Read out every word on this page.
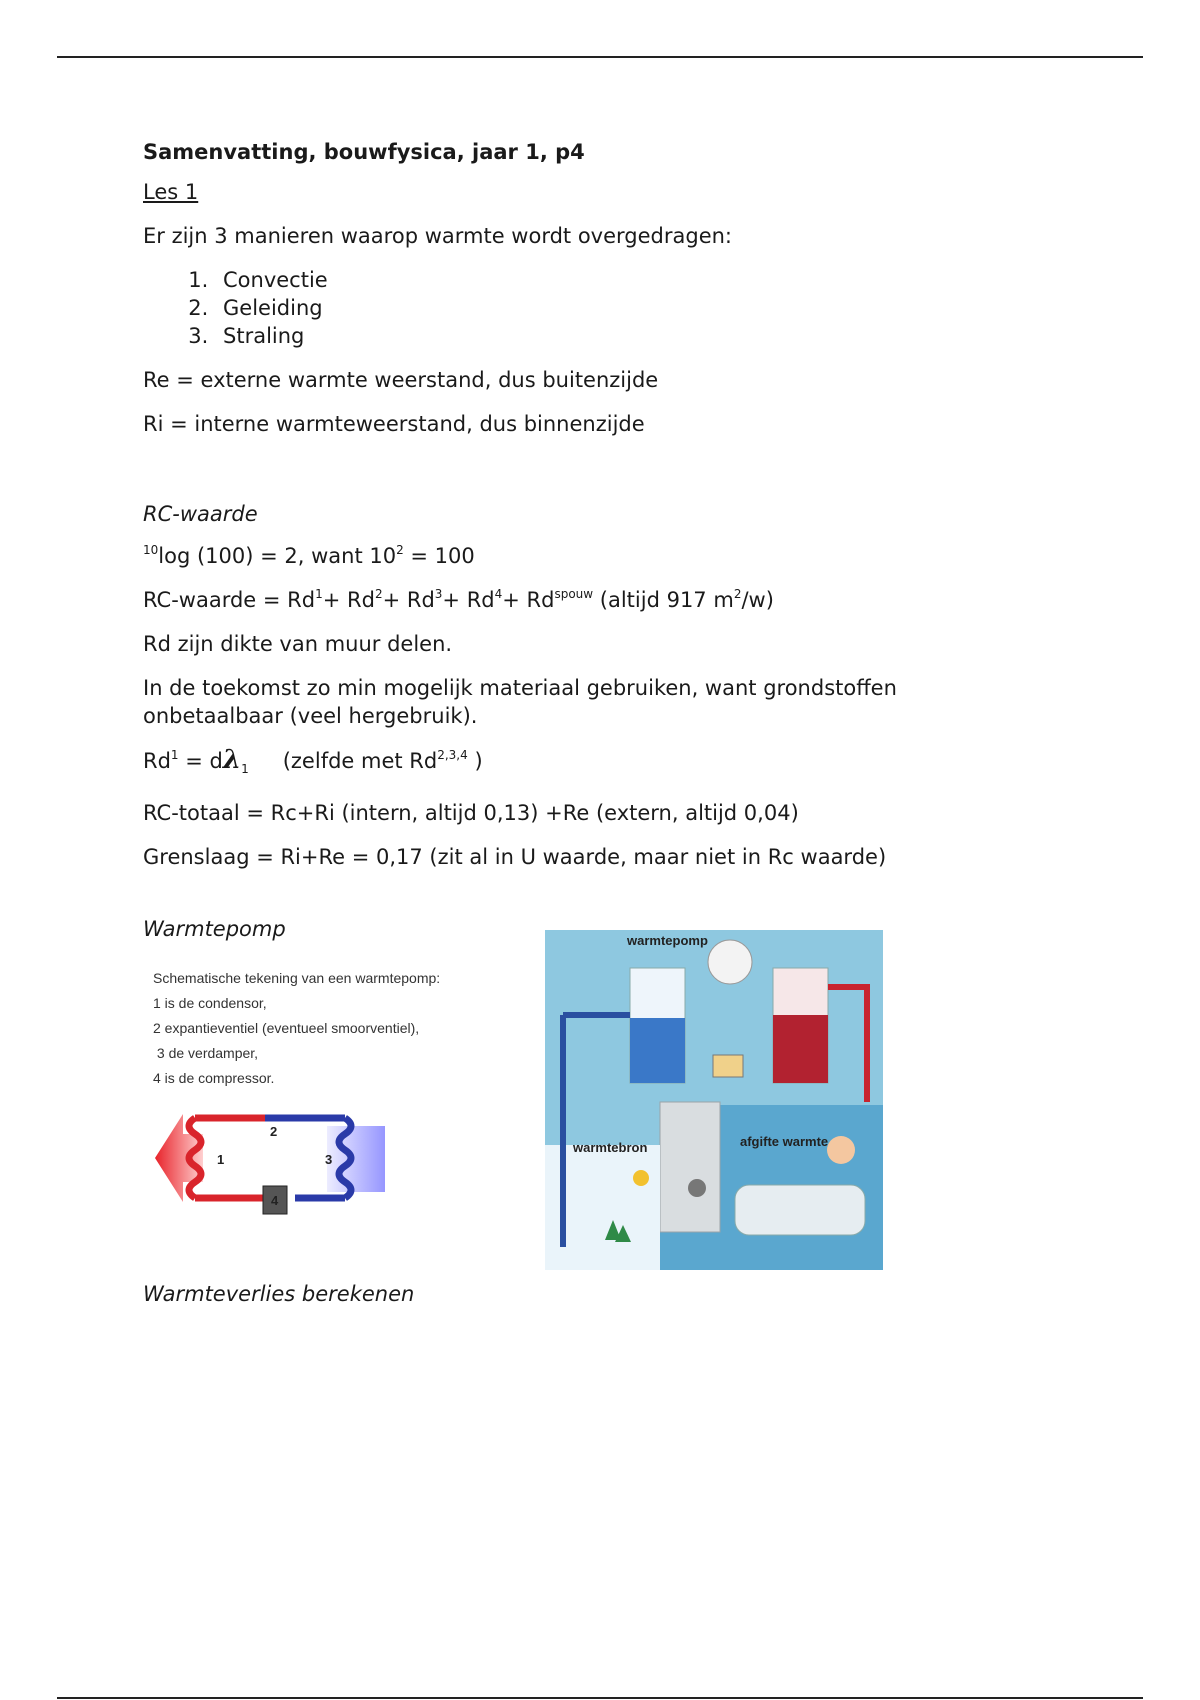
Samenvatting, bouwfysica, jaar 1, p4
Les 1

Er zijn 3 manieren waarop warmte wordt overgedragen:

1. Convectie
2. Geleiding
3. Straling

Re = externe warmte weerstand, dus buitenzijde

Ri = interne warmteweerstand, dus binnenzijde

RC-waarde

$^{10}$log (100) = 2, want $10^2 = 100$

RC-waarde = $Rd^1+ Rd^2+ Rd^3+ Rd^4+ Rd^{spouw}$ (altijd 917 $m^2/w$)

Rd zijn dikte van muur delen.

In de toekomst zo min mogelijk materiaal gebruiken, want grondstoffen onbetaalbaar (veel hergebruik).

$Rd^1 = d\lambda_1$ (zelfde met Rd$^{2,3,4}$ )

RC-totaal = Rc+Ri (intern, altijd 0,13) +Re (extern, altijd 0,04)

Grenslaag = Ri+Re = 0,17 (zit al in U waarde, maar niet in Rc waarde)

Warmtepomp
Schematische tekening van een warmtepomp:
1 is de condensor,
2 expantieventiel (eventueel smoorventiel),
3 de verdamper,
4 is de compressor.
1
2
3
4
warmtepomp
warmtebron	afgifte warmte
Warmteverlies berekenen
